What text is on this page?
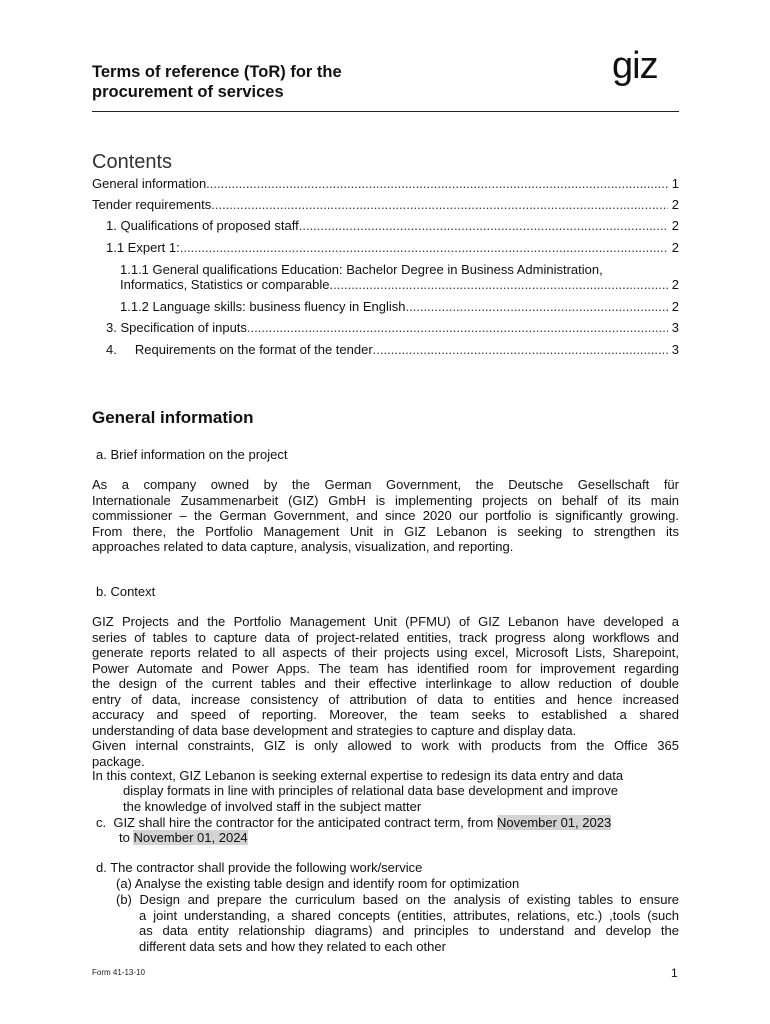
Terms of reference (ToR) for the
procurement of services
giz
Contents
General information .....	1
Tender requirements .....	2
1. Qualifications of proposed staff .....	2
1.1 Expert 1: .....	2
1.1.1 General qualifications Education: Bachelor Degree in Business Administration,
Informatics, Statistics or comparable. .....	2
1.1.2 Language skills: business fluency in English .....	2
3. Specification of inputs .....	3
4.     Requirements on the format of the tender .....	3
General information
a. Brief information on the project
As a company owned by the German Government, the Deutsche Gesellschaft für
Internationale Zusammenarbeit (GIZ) GmbH is implementing projects on behalf of its main
commissioner – the German Government, and since 2020 our portfolio is significantly growing.
From there, the Portfolio Management Unit in GIZ Lebanon is seeking to strengthen its
approaches related to data capture, analysis, visualization, and reporting.
b. Context
GIZ Projects and the Portfolio Management Unit (PFMU) of GIZ Lebanon have developed a
series of tables to capture data of project-related entities, track progress along workflows and
generate reports related to all aspects of their projects using excel, Microsoft Lists, Sharepoint,
Power Automate and Power Apps. The team has identified room for improvement regarding
the design of the current tables and their effective interlinkage to allow reduction of double
entry of data, increase consistency of attribution of data to entities and hence increased
accuracy and speed of reporting. Moreover, the team seeks to established a shared
understanding of data base development and strategies to capture and display data.
Given internal constraints, GIZ is only allowed to work with products from the Office 365
package.
In this context, GIZ Lebanon is seeking external expertise to redesign its data entry and data
display formats in line with principles of relational data base development and improve
the knowledge of involved staff in the subject matter
c.  GIZ shall hire the contractor for the anticipated contract term, from November 01, 2023
to November 01, 2024
d. The contractor shall provide the following work/service
(a) Analyse the existing table design and identify room for optimization
(b) Design and prepare the curriculum based on the analysis of existing tables to ensure
a joint understanding, a shared concepts (entities, attributes, relations, etc.) ,tools (such
as data entity relationship diagrams) and principles to understand and develop the
different data sets and how they related to each other
Form 41-13-10	1
